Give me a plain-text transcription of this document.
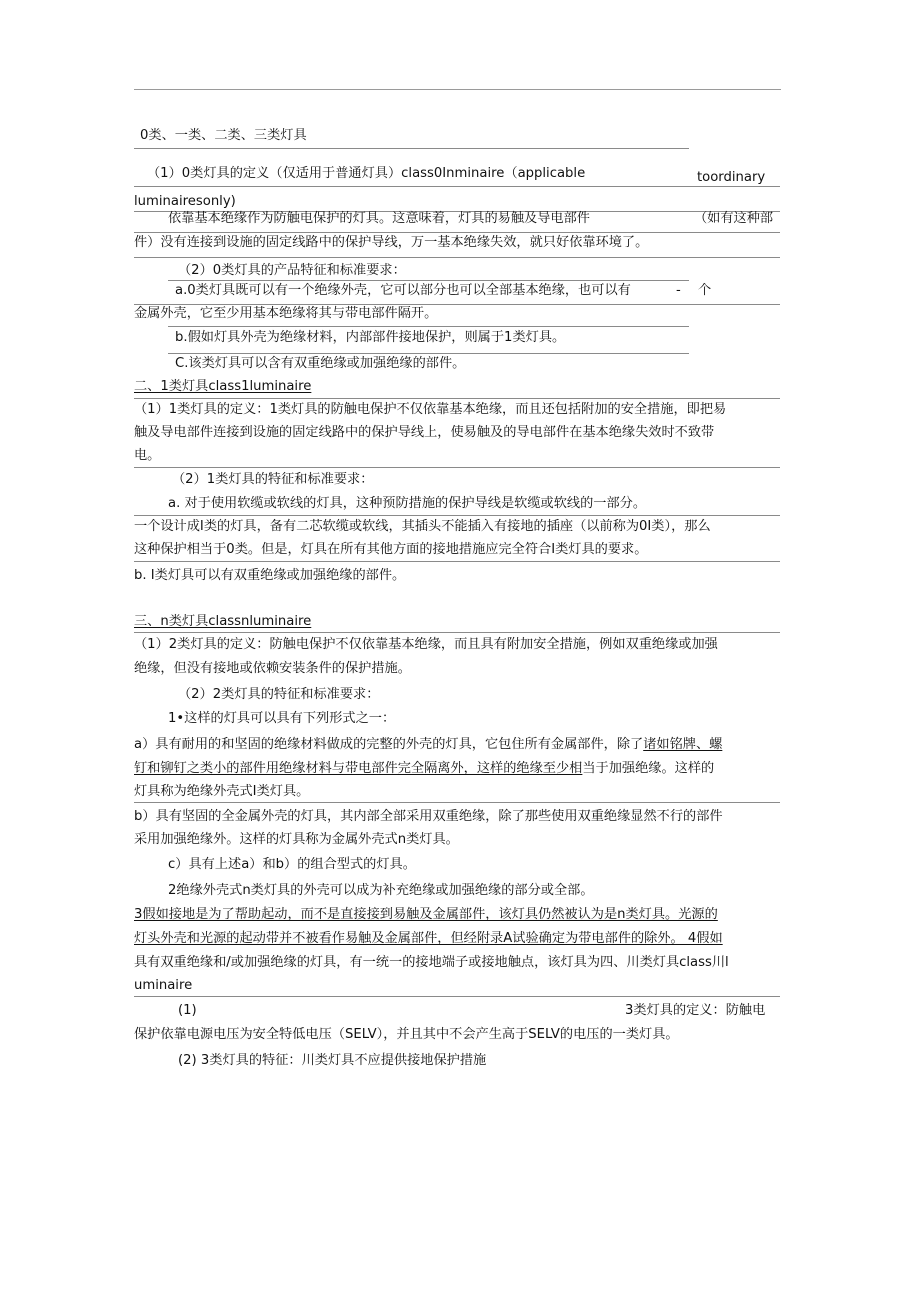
0类、一类、二类、三类灯具
（1）0类灯具的定义（仅适用于普通灯具）class0Inminaire（applicable	toordinary
luminairesonly)
依靠基本绝缘作为防触电保护的灯具。这意味着，灯具的易触及导电部件	（如有这种部
件）没有连接到设施的固定线路中的保护导线，万一基本绝缘失效，就只好依靠环境了。
（2）0类灯具的产品特征和标准要求：
a.0类灯具既可以有一个绝缘外壳，它可以部分也可以全部基本绝缘，也可以有	- 个
金属外壳，它至少用基本绝缘将其与带电部件隔开。
b.假如灯具外壳为绝缘材料，内部部件接地保护，则属于1类灯具。
C.该类灯具可以含有双重绝缘或加强绝缘的部件。
二、1类灯具class1luminaire
（1）1类灯具的定义：1类灯具的防触电保护不仅依靠基本绝缘，而且还包括附加的安全措施，即把易
触及导电部件连接到设施的固定线路中的保护导线上，使易触及的导电部件在基本绝缘失效时不致带
电。
（2）1类灯具的特征和标准要求：
a. 对于使用软缆或软线的灯具，这种预防措施的保护导线是软缆或软线的一部分。
一个设计成Ⅰ类的灯具，备有二芯软缆或软线，其插头不能插入有接地的插座（以前称为0Ⅰ类），那么
这种保护相当于0类。但是，灯具在所有其他方面的接地措施应完全符合Ⅰ类灯具的要求。
b. Ⅰ类灯具可以有双重绝缘或加强绝缘的部件。
三、n类灯具classnluminaire
（1）2类灯具的定义：防触电保护不仅依靠基本绝缘，而且具有附加安全措施，例如双重绝缘或加强
绝缘，但没有接地或依赖安装条件的保护措施。
（2）2类灯具的特征和标准要求：
1•这样的灯具可以具有下列形式之一：
a）具有耐用的和坚固的绝缘材料做成的完整的外壳的灯具，它包住所有金属部件，除了诸如铭牌、螺
钉和铆钉之类小的部件用绝缘材料与带电部件完全隔离外，这样的绝缘至少相当于加强绝缘。这样的
灯具称为绝缘外壳式Ⅰ类灯具。
b）具有坚固的全金属外壳的灯具，其内部全部采用双重绝缘，除了那些使用双重绝缘显然不行的部件
采用加强绝缘外。这样的灯具称为金属外壳式n类灯具。
c）具有上述a）和b）的组合型式的灯具。
2绝缘外壳式n类灯具的外壳可以成为补充绝缘或加强绝缘的部分或全部。
3假如接地是为了帮助起动，而不是直接接到易触及金属部件，该灯具仍然被认为是n类灯具。光源的
灯头外壳和光源的起动带并不被看作易触及金属部件，但经附录A试验确定为带电部件的除外。 4假如
具有双重绝缘和/或加强绝缘的灯具，有一统一的接地端子或接地触点，该灯具为四、川类灯具class川l
uminaire
(1)	3类灯具的定义：防触电
保护依靠电源电压为安全特低电压（SELV），并且其中不会产生高于SELV的电压的一类灯具。
(2) 3类灯具的特征：川类灯具不应提供接地保护措施
